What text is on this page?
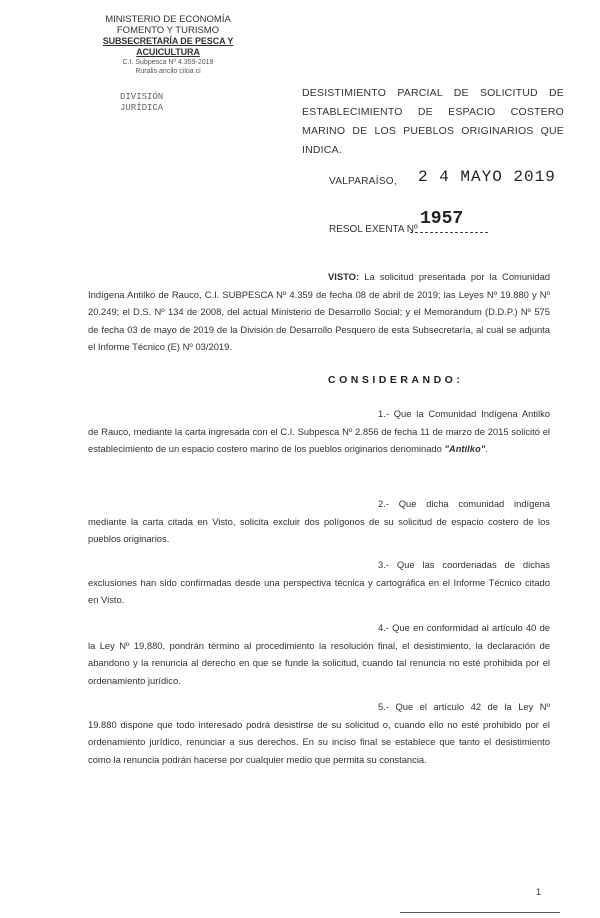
MINISTERIO DE ECONOMÍA
FOMENTO Y TURISMO
SUBSECRETARÍA DE PESCA Y ACUICULTURA
C.I. Subpesca Nº 4.359-2019
Ruralis ancilo ciloa ci
DIVISIÓN
JURÍDICA
DESISTIMIENTO PARCIAL DE SOLICITUD DE ESTABLECIMIENTO DE ESPACIO COSTERO MARINO DE LOS PUEBLOS ORIGINARIOS QUE INDICA.
VALPARAÍSO, 2 4 MAYO 2019
RESOL EXENTA Nº
1957
VISTO: La solicitud presentada por la Comunidad Indígena Antilko de Rauco, C.I. SUBPESCA Nº 4.359 de fecha 08 de abril de 2019; las Leyes Nº 19.880 y Nº 20.249; el D.S. Nº 134 de 2008, del actual Ministerio de Desarrollo Social; y el Memorándum (D.D.P.) Nº 575 de fecha 03 de mayo de 2019 de la División de Desarrollo Pesquero de esta Subsecretaría, al cual se adjunta el Informe Técnico (E) Nº 03/2019.
CONSIDERANDO:
1.- Que la Comunidad Indígena Antilko de Rauco, mediante la carta ingresada con el C.I. Subpesca Nº 2.856 de fecha 11 de marzo de 2015 solicitó el establecimiento de un espacio costero marino de los pueblos originarios denominado "Antilko".
2.- Que dicha comunidad indígena mediante la carta citada en Visto, solicita excluir dos polígonos de su solicitud de espacio costero de los pueblos originarios.
3.- Que las coordenadas de dichas exclusiones han sido confirmadas desde una perspectiva técnica y cartográfica en el Informe Técnico citado en Visto.
4.- Que en conformidad al artículo 40 de la Ley Nº 19.880, pondrán término al procedimiento la resolución final, el desistimiento, la declaración de abandono y la renuncia al derecho en que se funde la solicitud, cuando tal renuncia no esté prohibida por el ordenamiento jurídico.
5.- Que el artículo 42 de la Ley Nº 19.880 dispone que todo interesado podrá desistirse de su solicitud o, cuando ello no esté prohibido por el ordenamiento jurídico, renunciar a sus derechos. En su inciso final se establece que tanto el desistimiento como la renuncia podrán hacerse por cualquier medio que permita su constancia.
1
